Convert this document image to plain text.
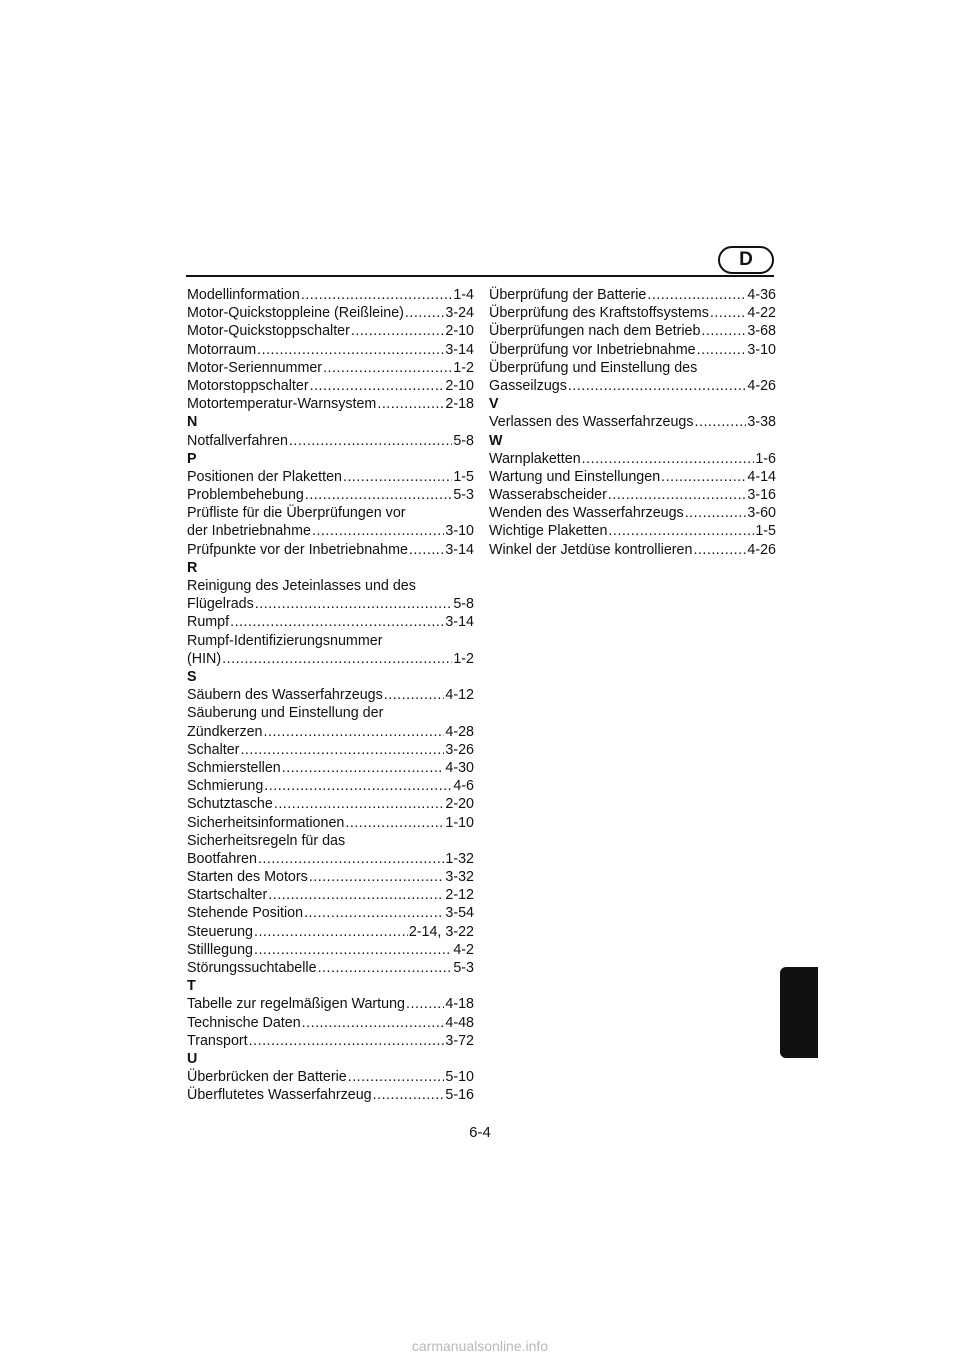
D
Modellinformation .....	1-4
Motor-Quickstoppleine (Reißleine) .....	3-24
Motor-Quickstoppschalter .....	2-10
Motorraum .....	3-14
Motor-Seriennummer .....	1-2
Motorstoppschalter .....	2-10
Motortemperatur-Warnsystem .....	2-18
N
Notfallverfahren .....	5-8
P
Positionen der Plaketten .....	1-5
Problembehebung .....	5-3
Prüfliste für die Überprüfungen vor
der Inbetriebnahme .....	3-10
Prüfpunkte vor der Inbetriebnahme .....	3-14
R
Reinigung des Jeteinlasses und des
Flügelrads .....	5-8
Rumpf .....	3-14
Rumpf-Identifizierungsnummer
(HIN) .....	1-2
S
Säubern des Wasserfahrzeugs .....	4-12
Säuberung und Einstellung der
Zündkerzen .....	4-28
Schalter .....	3-26
Schmierstellen .....	4-30
Schmierung .....	4-6
Schutztasche .....	2-20
Sicherheitsinformationen .....	1-10
Sicherheitsregeln für das
Bootfahren .....	1-32
Starten des Motors .....	3-32
Startschalter .....	2-12
Stehende Position .....	3-54
Steuerung .....	2-14, 3-22
Stilllegung .....	4-2
Störungssuchtabelle .....	5-3
T
Tabelle zur regelmäßigen Wartung .....	4-18
Technische Daten .....	4-48
Transport .....	3-72
U
Überbrücken der Batterie .....	5-10
Überflutetes Wasserfahrzeug .....	5-16
Überprüfung der Batterie .....	4-36
Überprüfung des Kraftstoffsystems .....	4-22
Überprüfungen nach dem Betrieb .....	3-68
Überprüfung vor Inbetriebnahme .....	3-10
Überprüfung und Einstellung des
Gasseilzugs .....	4-26
V
Verlassen des Wasserfahrzeugs .....	3-38
W
Warnplaketten .....	1-6
Wartung und Einstellungen .....	4-14
Wasserabscheider .....	3-16
Wenden des Wasserfahrzeugs .....	3-60
Wichtige Plaketten .....	1-5
Winkel der Jetdüse kontrollieren .....	4-26
6-4
carmanualsonline.info
